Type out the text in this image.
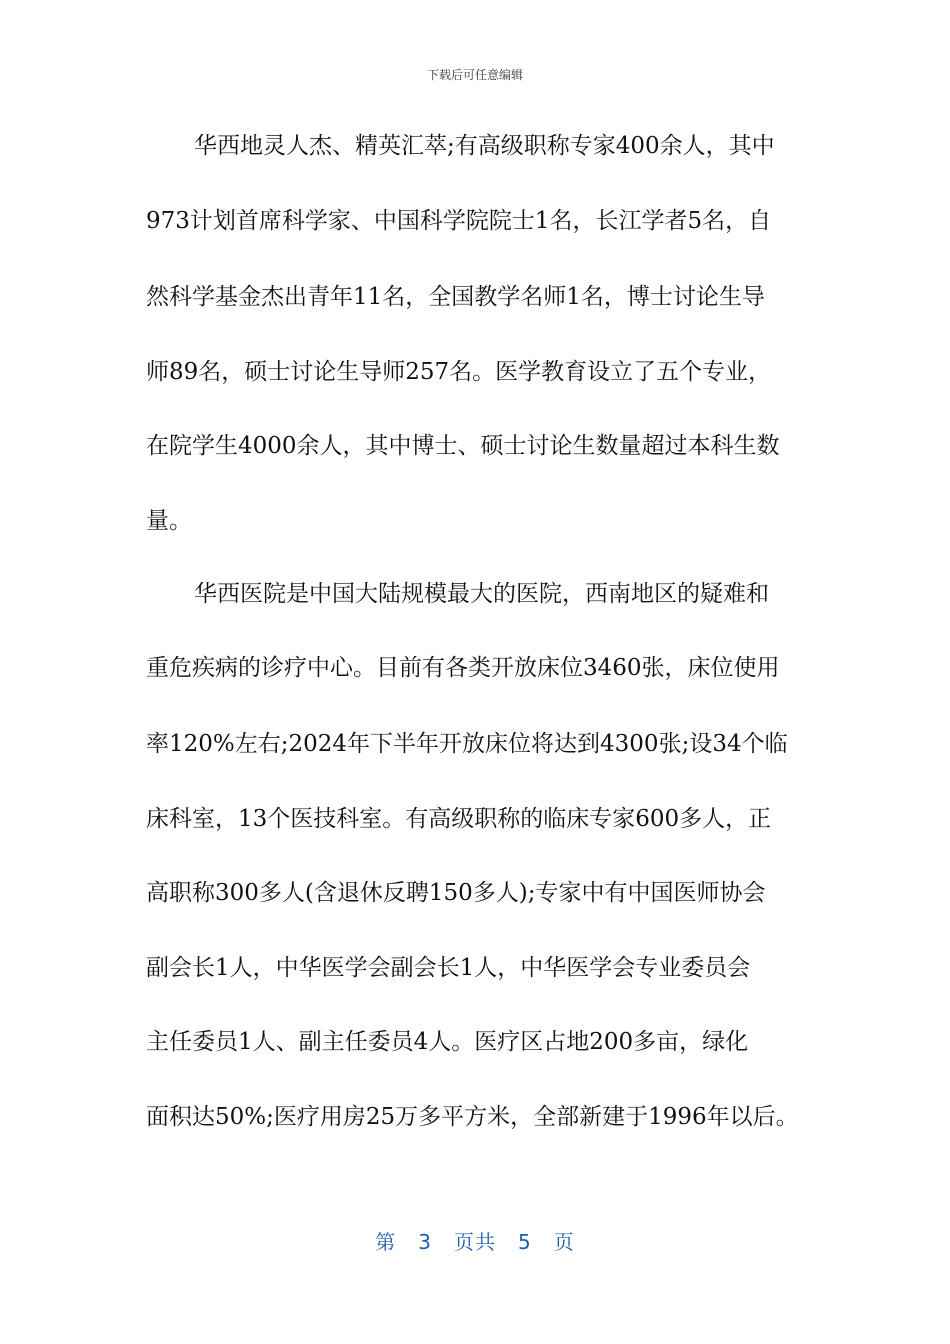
下载后可任意编辑
华西地灵人杰、精英汇萃;有高级职称专家400余人，其中
973计划首席科学家、中国科学院院士1名，长江学者5名，自
然科学基金杰出青年11名，全国教学名师1名，博士讨论生导
师89名，硕士讨论生导师257名。医学教育设立了五个专业，
在院学生4000余人，其中博士、硕士讨论生数量超过本科生数
量。
华西医院是中国大陆规模最大的医院，西南地区的疑难和
重危疾病的诊疗中心。目前有各类开放床位3460张，床位使用
率120%左右;2024年下半年开放床位将达到4300张;设34个临
床科室，13个医技科室。有高级职称的临床专家600多人，正
高职称300多人(含退休反聘150多人);专家中有中国医师协会
副会长1人，中华医学会副会长1人，中华医学会专业委员会
主任委员1人、副主任委员4人。医疗区占地200多亩，绿化
面积达50%;医疗用房25万多平方米，全部新建于1996年以后。
第 3 页共 5 页
